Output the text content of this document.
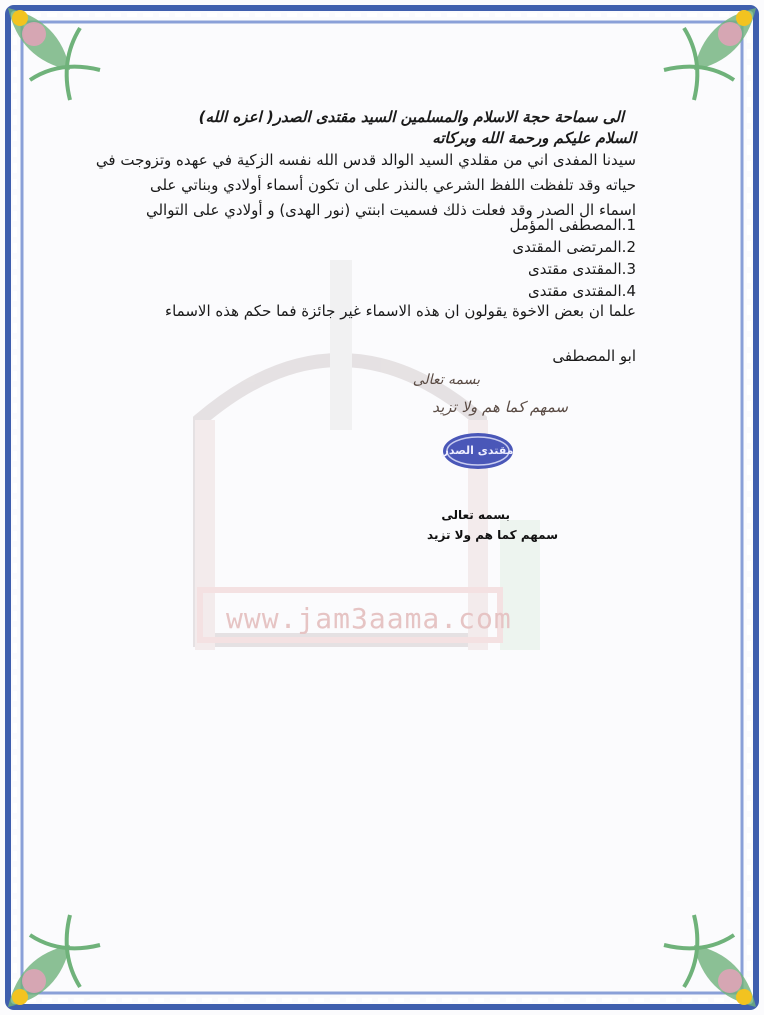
www.jam3aama.com
الى سماحة حجة الاسلام والمسلمين السيد مقتدى الصدر( اعزه الله)
السلام عليكم ورحمة الله وبركاته
سيدنا المفدى اني من مقلدي السيد الوالد قدس الله نفسه الزكية في عهده وتزوجت في
حياته وقد تلفظت اللفظ الشرعي بالنذر على ان تكون أسماء أولادي وبناتي على
اسماء ال الصدر وقد فعلت ذلك فسميت ابنتي (نور الهدى) و أولادي على التوالي
1.المصطفى المؤمل
2.المرتضى المقتدى
3.المقتدى مقتدى
4.المقتدى مقتدى
علما ان بعض الاخوة يقولون ان هذه الاسماء غير جائزة فما حكم هذه الاسماء
ابو المصطفى
بسمه تعالى
سمهم كما هم ولا تزيد
مقتدى الصدر
بسمه تعالى
سمهم كما هم ولا تزيد
